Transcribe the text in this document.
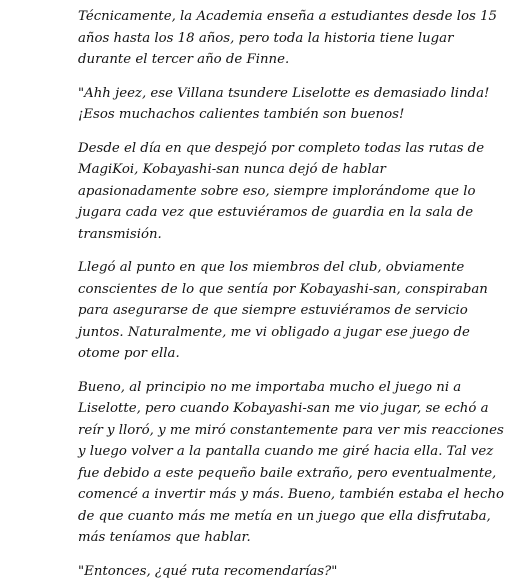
Técnicamente, la Academia enseña a estudiantes desde los 15 años hasta los 18 años, pero toda la historia tiene lugar durante el tercer año de Finne.

"Ahh jeez, ese Villana tsundere Liselotte es demasiado linda! ¡Esos muchachos calientes también son buenos!

Desde el día en que despejó por completo todas las rutas de MagiKoi, Kobayashi-san nunca dejó de hablar apasionadamente sobre eso, siempre implorándome que lo jugara cada vez que estuviéramos de guardia en la sala de transmisión.

Llegó al punto en que los miembros del club, obviamente conscientes de lo que sentía por Kobayashi-san, conspiraban para asegurarse de que siempre estuviéramos de servicio juntos. Naturalmente, me vi obligado a jugar ese juego de otome por ella.

Bueno, al principio no me importaba mucho el juego ni a Liselotte, pero cuando Kobayashi-san me vio jugar, se echó a reír y lloró, y me miró constantemente para ver mis reacciones y luego volver a la pantalla cuando me giré hacia ella. Tal vez fue debido a este pequeño baile extraño, pero eventualmente, comencé a invertir más y más. Bueno, también estaba el hecho de que cuanto más me metía en un juego que ella disfrutaba, más teníamos que hablar.

"Entonces, ¿qué ruta recomendarías?"
